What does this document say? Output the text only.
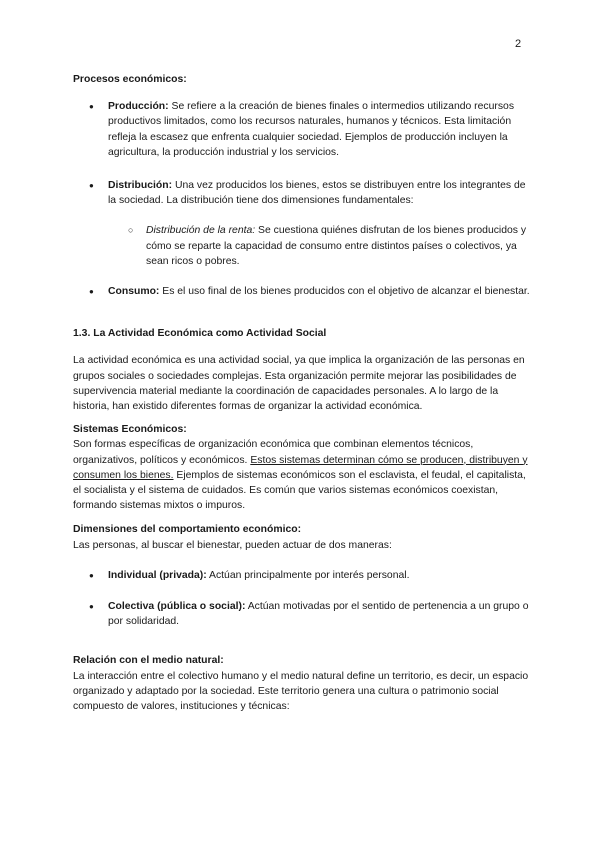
2

Procesos económicos:

● Producción: Se refiere a la creación de bienes finales o intermedios utilizando recursos productivos limitados, como los recursos naturales, humanos y técnicos. Esta limitación refleja la escasez que enfrenta cualquier sociedad. Ejemplos de producción incluyen la agricultura, la producción industrial y los servicios.
● Distribución: Una vez producidos los bienes, estos se distribuyen entre los integrantes de la sociedad. La distribución tiene dos dimensiones fundamentales:
○ Distribución de la renta: Se cuestiona quiénes disfrutan de los bienes producidos y cómo se reparte la capacidad de consumo entre distintos países o colectivos, ya sean ricos o pobres.
● Consumo: Es el uso final de los bienes producidos con el objetivo de alcanzar el bienestar.

1.3. La Actividad Económica como Actividad Social

La actividad económica es una actividad social, ya que implica la organización de las personas en grupos sociales o sociedades complejas. Esta organización permite mejorar las posibilidades de supervivencia material mediante la coordinación de capacidades personales. A lo largo de la historia, han existido diferentes formas de organizar la actividad económica.

Sistemas Económicos:

Son formas específicas de organización económica que combinan elementos técnicos, organizativos, políticos y económicos. Estos sistemas determinan cómo se producen, distribuyen y consumen los bienes. Ejemplos de sistemas económicos son el esclavista, el feudal, el capitalista, el socialista y el sistema de cuidados. Es común que varios sistemas económicos coexistan, formando sistemas mixtos o impuros.

Dimensiones del comportamiento económico:

Las personas, al buscar el bienestar, pueden actuar de dos maneras:

● Individual (privada): Actúan principalmente por interés personal.
● Colectiva (pública o social): Actúan motivadas por el sentido de pertenencia a un grupo o por solidaridad.

Relación con el medio natural:

La interacción entre el colectivo humano y el medio natural define un territorio, es decir, un espacio organizado y adaptado por la sociedad. Este territorio genera una cultura o patrimonio social compuesto de valores, instituciones y técnicas:
